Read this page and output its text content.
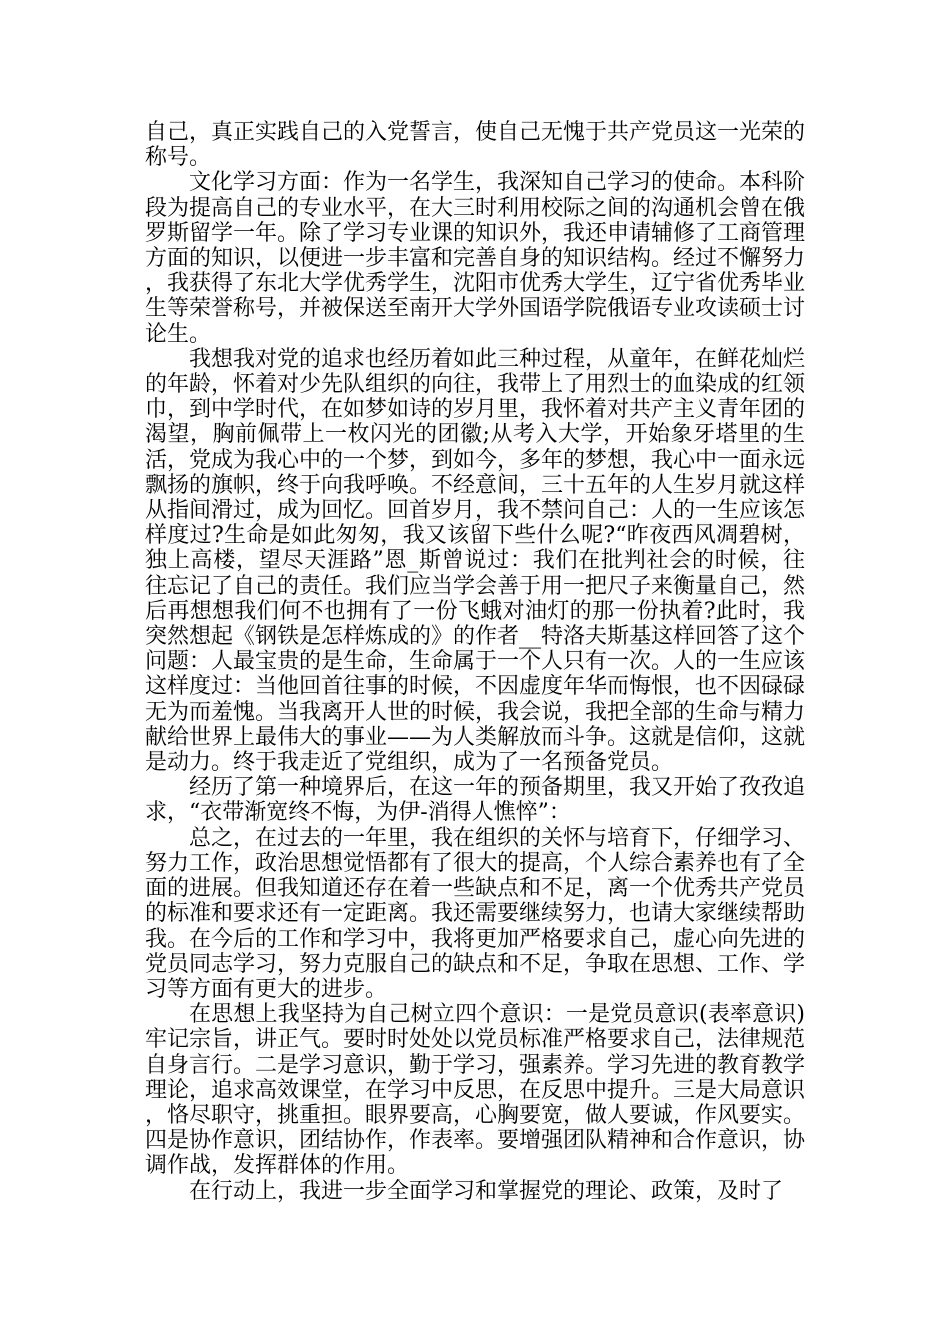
自己，真正实践自己的入党誓言，使自己无愧于共产党员这一光荣的称号。

文化学习方面：作为一名学生，我深知自己学习的使命。本科阶段为提高自己的专业水平，在大三时利用校际之间的沟通机会曾在俄罗斯留学一年。除了学习专业课的知识外，我还申请辅修了工商管理方面的知识，以便进一步丰富和完善自身的知识结构。经过不懈努力，我获得了东北大学优秀学生，沈阳市优秀大学生，辽宁省优秀毕业生等荣誉称号，并被保送至南开大学外国语学院俄语专业攻读硕士讨论生。

我想我对党的追求也经历着如此三种过程，从童年，在鲜花灿烂的年龄，怀着对少先队组织的向往，我带上了用烈士的血染成的红领巾，到中学时代，在如梦如诗的岁月里，我怀着对共产主义青年团的渴望，胸前佩带上一枚闪光的团徽;从考入大学，开始象牙塔里的生活，党成为我心中的一个梦，到如今，多年的梦想，我心中一面永远飘扬的旗帜，终于向我呼唤。不经意间，三十五年的人生岁月就这样从指间滑过，成为回忆。回首岁月，我不禁问自己：人的一生应该怎样度过?生命是如此匆匆，我又该留下些什么呢?“昨夜西风凋碧树，独上高楼，望尽天涯路”恩_斯曾说过：我们在批判社会的时候，往往忘记了自己的责任。我们应当学会善于用一把尺子来衡量自己，然后再想想我们何不也拥有了一份飞蛾对油灯的那一份执着?此时，我突然想起《钢铁是怎样炼成的》的作者__特洛夫斯基这样回答了这个问题：人最宝贵的是生命，生命属于一个人只有一次。人的一生应该这样度过：当他回首往事的时候，不因虚度年华而悔恨，也不因碌碌无为而羞愧。当我离开人世的时候，我会说，我把全部的生命与精力献给世界上最伟大的事业——为人类解放而斗争。这就是信仰，这就是动力。终于我走近了党组织，成为了一名预备党员。

经历了第一种境界后，在这一年的预备期里，我又开始了孜孜追求，“衣带渐宽终不悔，为伊-消得人憔悴”：

总之，在过去的一年里，我在组织的关怀与培育下，仔细学习、努力工作，政治思想觉悟都有了很大的提高，个人综合素养也有了全面的进展。但我知道还存在着一些缺点和不足，离一个优秀共产党员的标准和要求还有一定距离。我还需要继续努力，也请大家继续帮助我。在今后的工作和学习中，我将更加严格要求自己，虚心向先进的党员同志学习，努力克服自己的缺点和不足，争取在思想、工作、学习等方面有更大的进步。

在思想上我坚持为自己树立四个意识：一是党员意识(表率意识)牢记宗旨，讲正气。要时时处处以党员标准严格要求自己，法律规范自身言行。二是学习意识，勤于学习，强素养。学习先进的教育教学理论，追求高效课堂，在学习中反思，在反思中提升。三是大局意识，恪尽职守，挑重担。眼界要高，心胸要宽，做人要诚，作风要实。四是协作意识，团结协作，作表率。要增强团队精神和合作意识，协调作战，发挥群体的作用。

在行动上，我进一步全面学习和掌握党的理论、政策，及时了
